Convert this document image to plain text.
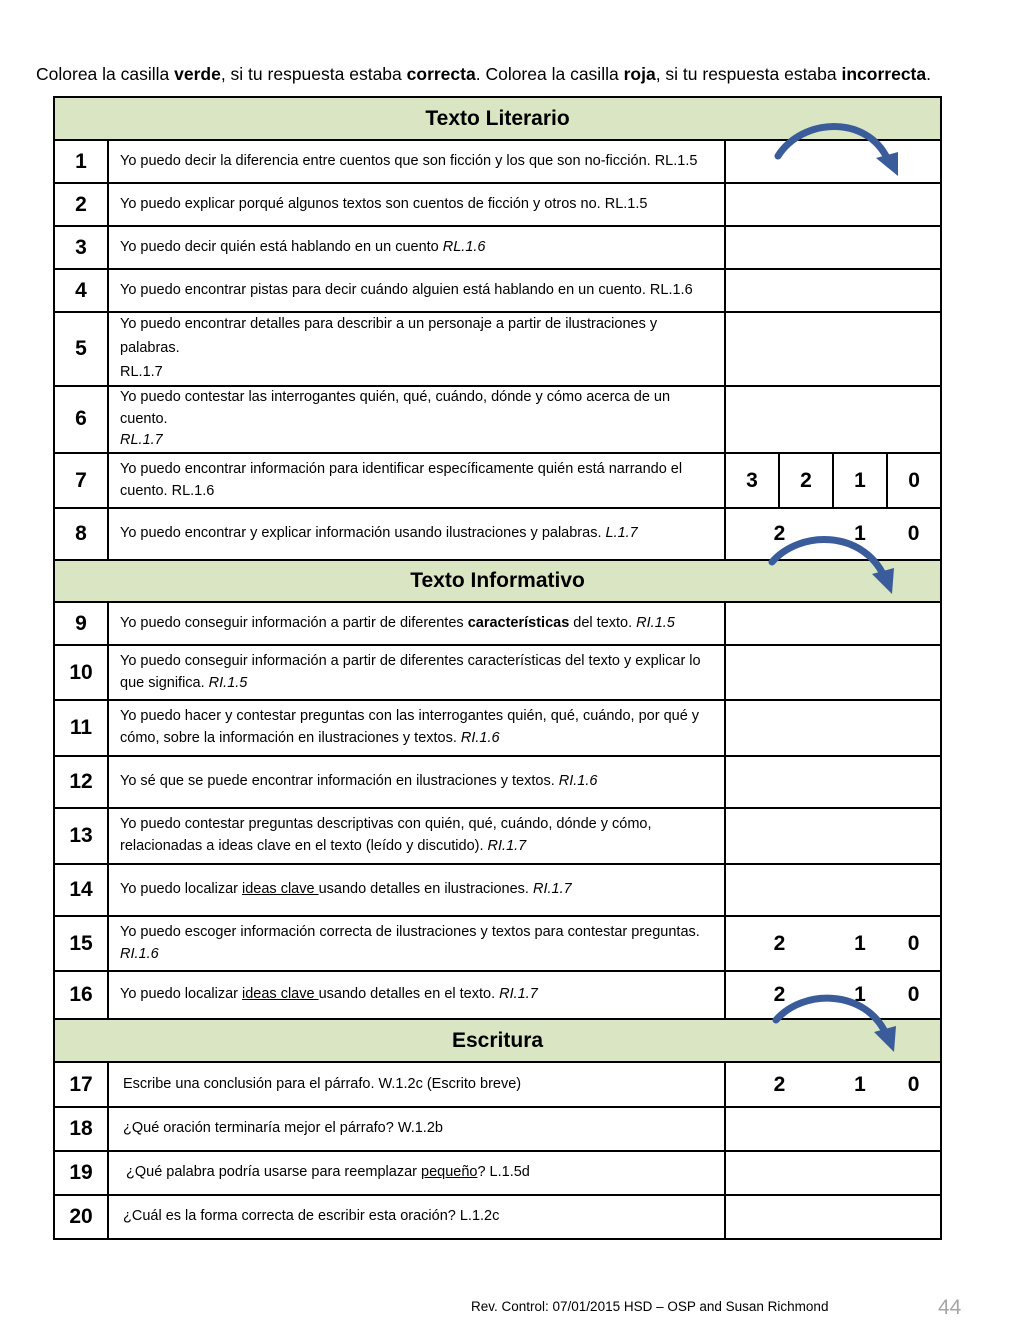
Colorea la casilla verde, si tu respuesta estaba correcta. Colorea la casilla roja, si tu respuesta estaba incorrecta.
Texto Literario					
1	Yo puedo decir la diferencia entre cuentos que son ficción y los que son no-ficción. RL.1.5				
2	Yo puedo explicar porqué algunos textos son cuentos de ficción y otros no. RL.1.5				
3	Yo puedo decir quién está hablando en un cuento RL.1.6				
4	Yo puedo encontrar pistas para decir cuándo alguien está hablando en un cuento. RL.1.6				
5	Yo puedo encontrar detalles para describir a un personaje a partir de ilustraciones y palabras.
RL.1.7				
6	Yo puedo contestar las interrogantes quién, qué, cuándo, dónde y cómo acerca de un cuento.
RL.1.7				
7	Yo puedo encontrar información para identificar específicamente quién está narrando el cuento. RL.1.6	3	2	1	0
8	Yo puedo encontrar y explicar información usando ilustraciones y palabras. L.1.7	2		1	0
Texto Informativo					
9	Yo puedo conseguir información a partir de diferentes características del texto. RI.1.5				
10	Yo puedo conseguir información a partir de diferentes características del texto y explicar lo que significa. RI.1.5				
11	Yo puedo hacer y contestar preguntas con las interrogantes quién, qué, cuándo, por qué y cómo, sobre la información en ilustraciones y textos. RI.1.6				
12	Yo sé que se puede encontrar información en ilustraciones y textos. RI.1.6				
13	Yo puedo contestar preguntas descriptivas con quién, qué, cuándo, dónde y cómo, relacionadas a ideas clave en el texto (leído y discutido). RI.1.7				
14	Yo puedo localizar ideas clave usando detalles en ilustraciones. RI.1.7				
15	Yo puedo escoger información correcta de ilustraciones y textos para contestar preguntas. RI.1.6	2		1	0
16	Yo puedo localizar ideas clave usando detalles en el texto. RI.1.7	2		1	0
Escritura					
17	Escribe una conclusión para el párrafo. W.1.2c (Escrito breve)	2		1	0
18	¿Qué oración terminaría mejor el párrafo? W.1.2b				
19	¿Qué palabra podría usarse para reemplazar pequeño? L.1.5d				
20	¿Cuál es la forma correcta de escribir esta oración? L.1.2c				
Rev. Control: 07/01/2015 HSD – OSP and Susan Richmond	44
